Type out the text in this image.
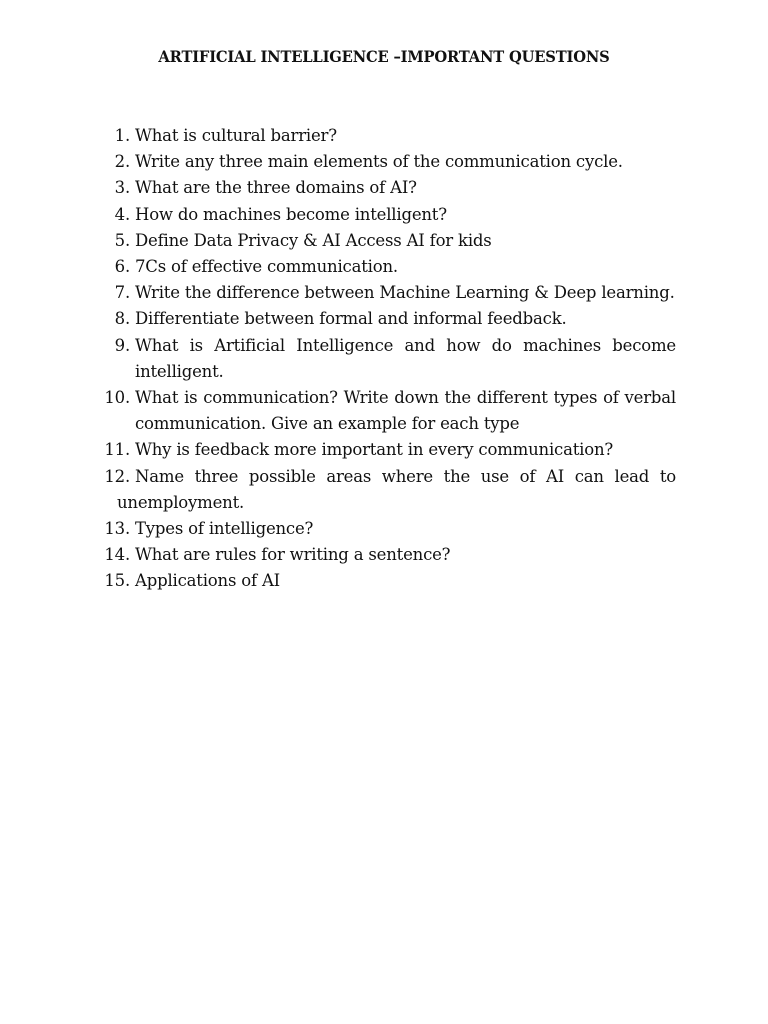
ARTIFICIAL INTELLIGENCE –IMPORTANT QUESTIONS
1. What is cultural barrier?
2. Write any three main elements of the communication cycle.
3. What are the three domains of AI?
4. How do machines become intelligent?
5. Define Data Privacy & AI Access AI for kids
6. 7Cs of effective communication.
7. Write the difference between Machine Learning & Deep learning.
8. Differentiate between formal and informal feedback.
9. What is Artificial Intelligence and how do machines become intelligent.
10. What is communication? Write down the different types of verbal communication. Give an example for each type
11. Why is feedback more important in every communication?
12. Name three possible areas where the use of AI can lead to unemployment.
13. Types of intelligence?
14. What are rules for writing a sentence?
15. Applications of AI
